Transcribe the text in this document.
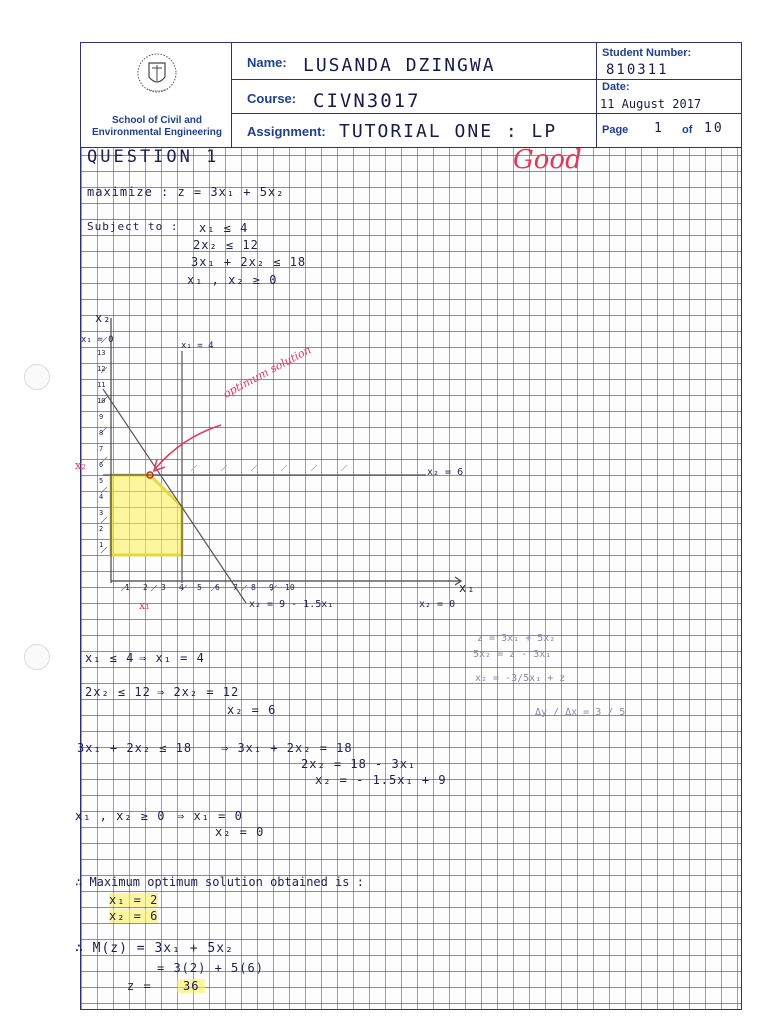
School of Civil and Environmental Engineering
Name: LUSANDA DZINGWA
Course: CIVN3017
Assignment: TUTORIAL ONE : LP
Student Number:
810311
Date:
11 August 2017
Page 1 of 10
QUESTION 1	Good
maximize : z = 3x₁ + 5x₂
Subject to : x₁ ≤ 4
2x₂ ≤ 12
3x₁ + 2x₂ ≤ 18
x₁ , x₂ ≥ 0
x₂
x₁ = 0
x₁ = 4
x₂ = 6
x₂ = 9 - 1.5x₁	x₂ = 0
x₁
optimum solution
x₂
x₁
13
12
11
10
9
8
7
6
5
4
3
2
1
1 2 3 4 5 6 7 8 9 10
z = 3x₁ + 5x₂
5x₂ = z - 3x₁
x₂ = -3/5x₁ + z
Δy / Δx = 3 / 5
x₁ ≤ 4 ⇒ x₁ = 4
2x₂ ≤ 12 ⇒ 2x₂ = 12
x₂ = 6
3x₁ + 2x₂ ≤ 18 ⇒ 3x₁ + 2x₂ = 18
2x₂ = 18 - 3x₁
x₂ = - 1.5x₁ + 9
x₁ , x₂ ≥ 0 ⇒ x₁ = 0
x₂ = 0
∴ Maximum optimum solution obtained is :
x₁ = 2
x₂ = 6
∴ M(z) = 3x₁ + 5x₂
= 3(2) + 5(6)
z =	36
